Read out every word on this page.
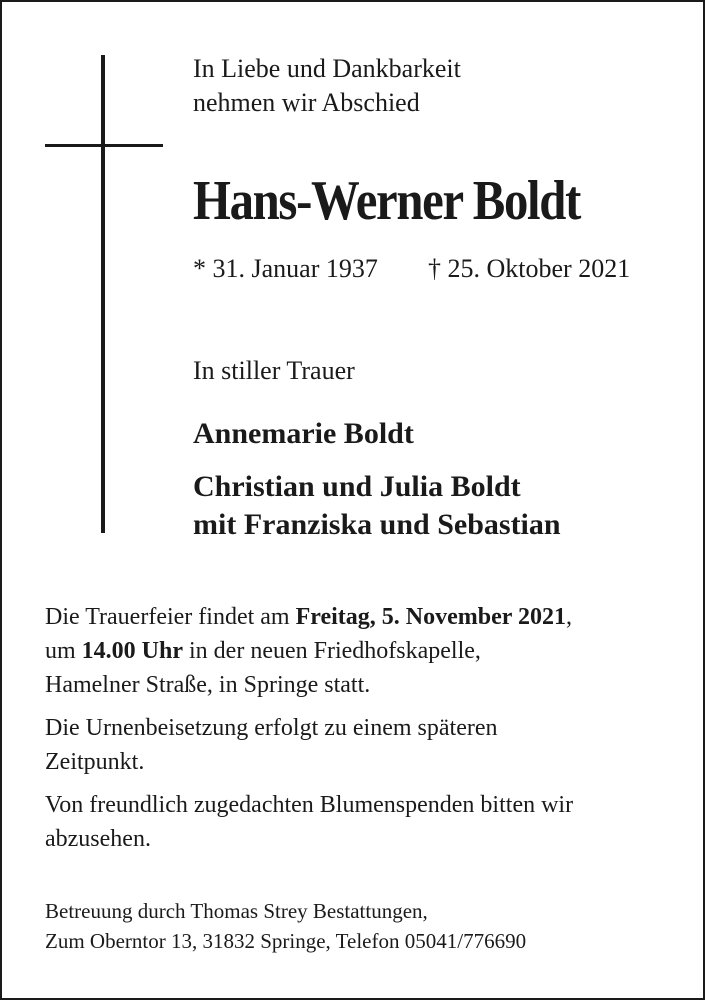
In Liebe und Dankbarkeit
nehmen wir Abschied
Hans-Werner Boldt
* 31. Januar 1937 † 25. Oktober 2021
In stiller Trauer
Annemarie Boldt
Christian und Julia Boldt
mit Franziska und Sebastian

Die Trauerfeier findet am Freitag, 5. November 2021,
um 14.00 Uhr in der neuen Friedhofskapelle,
Hamelner Straße, in Springe statt.

Die Urnenbeisetzung erfolgt zu einem späteren
Zeitpunkt.

Von freundlich zugedachten Blumenspenden bitten wir
abzusehen.

Betreuung durch Thomas Strey Bestattungen,

Zum Oberntor 13, 31832 Springe, Telefon 05041/776690
